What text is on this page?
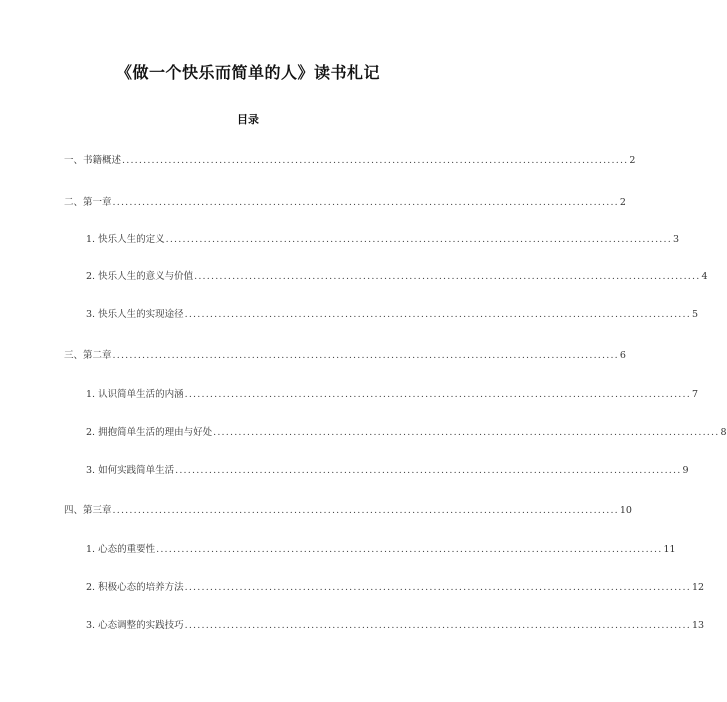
《做一个快乐而简单的人》读书札记
目录
一、书籍概述 ........................................................................................................................ 2
二、第一章 ........................................................................................................................ 2
1. 快乐人生的定义 ........................................................................................................................ 3
2. 快乐人生的意义与价值 ........................................................................................................................ 4
3. 快乐人生的实现途径 ........................................................................................................................ 5
三、第二章 ........................................................................................................................ 6
1. 认识简单生活的内涵 ........................................................................................................................ 7
2. 拥抱简单生活的理由与好处 ........................................................................................................................ 8
3. 如何实践简单生活 ........................................................................................................................ 9
四、第三章 ........................................................................................................................ 10
1. 心态的重要性 ........................................................................................................................ 11
2. 积极心态的培养方法 ........................................................................................................................ 12
3. 心态调整的实践技巧 ........................................................................................................................ 13
